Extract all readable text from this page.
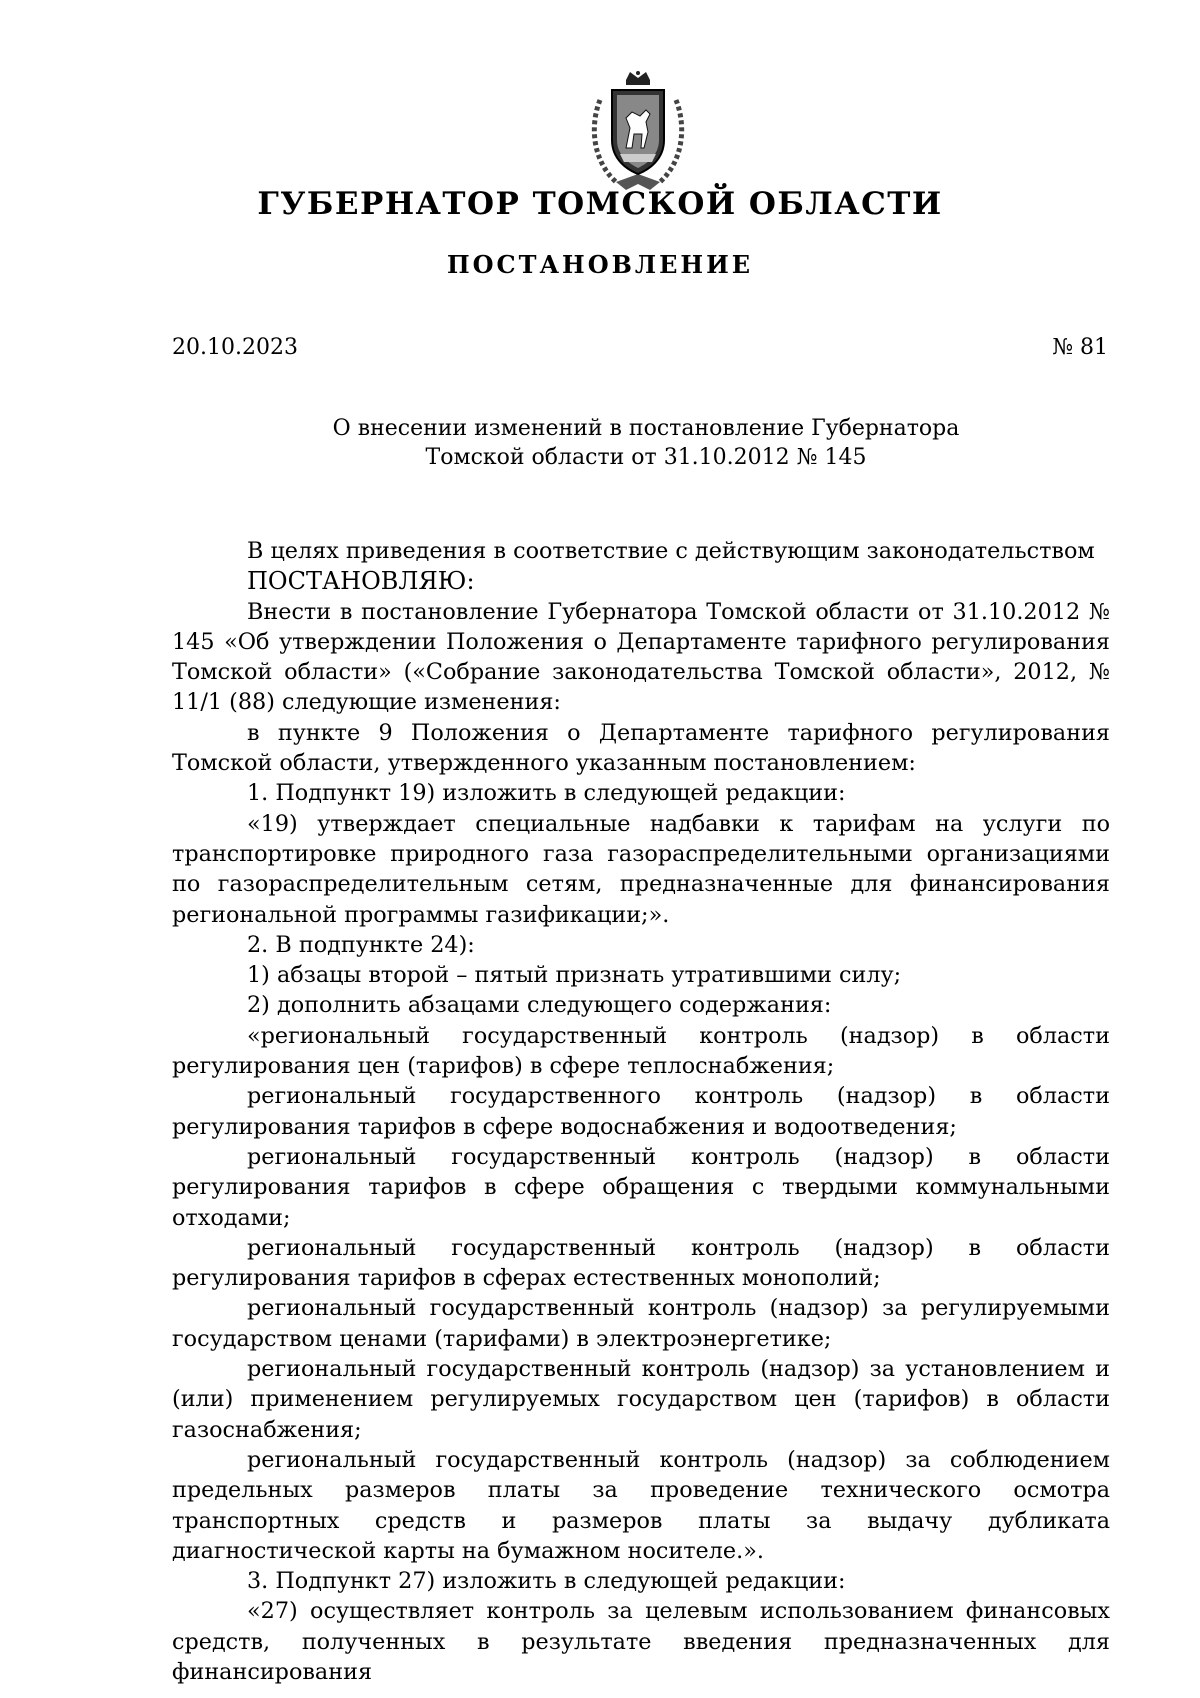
ГУБЕРНАТОР ТОМСКОЙ ОБЛАСТИ
ПОСТАНОВЛЕНИЕ
20.10.2023	№ 81
О внесении изменений в постановление Губернатора
Томской области от 31.10.2012 № 145

В целях приведения в соответствие с действующим законодательством

ПОСТАНОВЛЯЮ:

Внести в постановление Губернатора Томской области от 31.10.2012 № 145 «Об утверждении Положения о Департаменте тарифного регулирования Томской области» («Собрание законодательства Томской области», 2012, № 11/1 (88) следующие изменения:

в пункте 9 Положения о Департаменте тарифного регулирования Томской области, утвержденного указанным постановлением:

1. Подпункт 19) изложить в следующей редакции:

«19) утверждает специальные надбавки к тарифам на услуги по транспортировке природного газа газораспределительными организациями по газораспределительным сетям, предназначенные для финансирования региональной программы газификации;».

2. В подпункте 24):

1) абзацы второй – пятый признать утратившими силу;

2) дополнить абзацами следующего содержания:

«региональный государственный контроль (надзор) в области регулирования цен (тарифов) в сфере теплоснабжения;

региональный государственного контроль (надзор) в области регулирования тарифов в сфере водоснабжения и водоотведения;

региональный государственный контроль (надзор) в области регулирования тарифов в сфере обращения с твердыми коммунальными отходами;

региональный государственный контроль (надзор) в области регулирования тарифов в сферах естественных монополий;

региональный государственный контроль (надзор) за регулируемыми государством ценами (тарифами) в электроэнергетике;

региональный государственный контроль (надзор) за установлением и (или) применением регулируемых государством цен (тарифов) в области газоснабжения;

региональный государственный контроль (надзор) за соблюдением предельных размеров платы за проведение технического осмотра транспортных средств и размеров платы за выдачу дубликата диагностической карты на бумажном носителе.».

3. Подпункт 27) изложить в следующей редакции:

«27) осуществляет контроль за целевым использованием финансовых средств, полученных в результате введения предназначенных для финансирования
